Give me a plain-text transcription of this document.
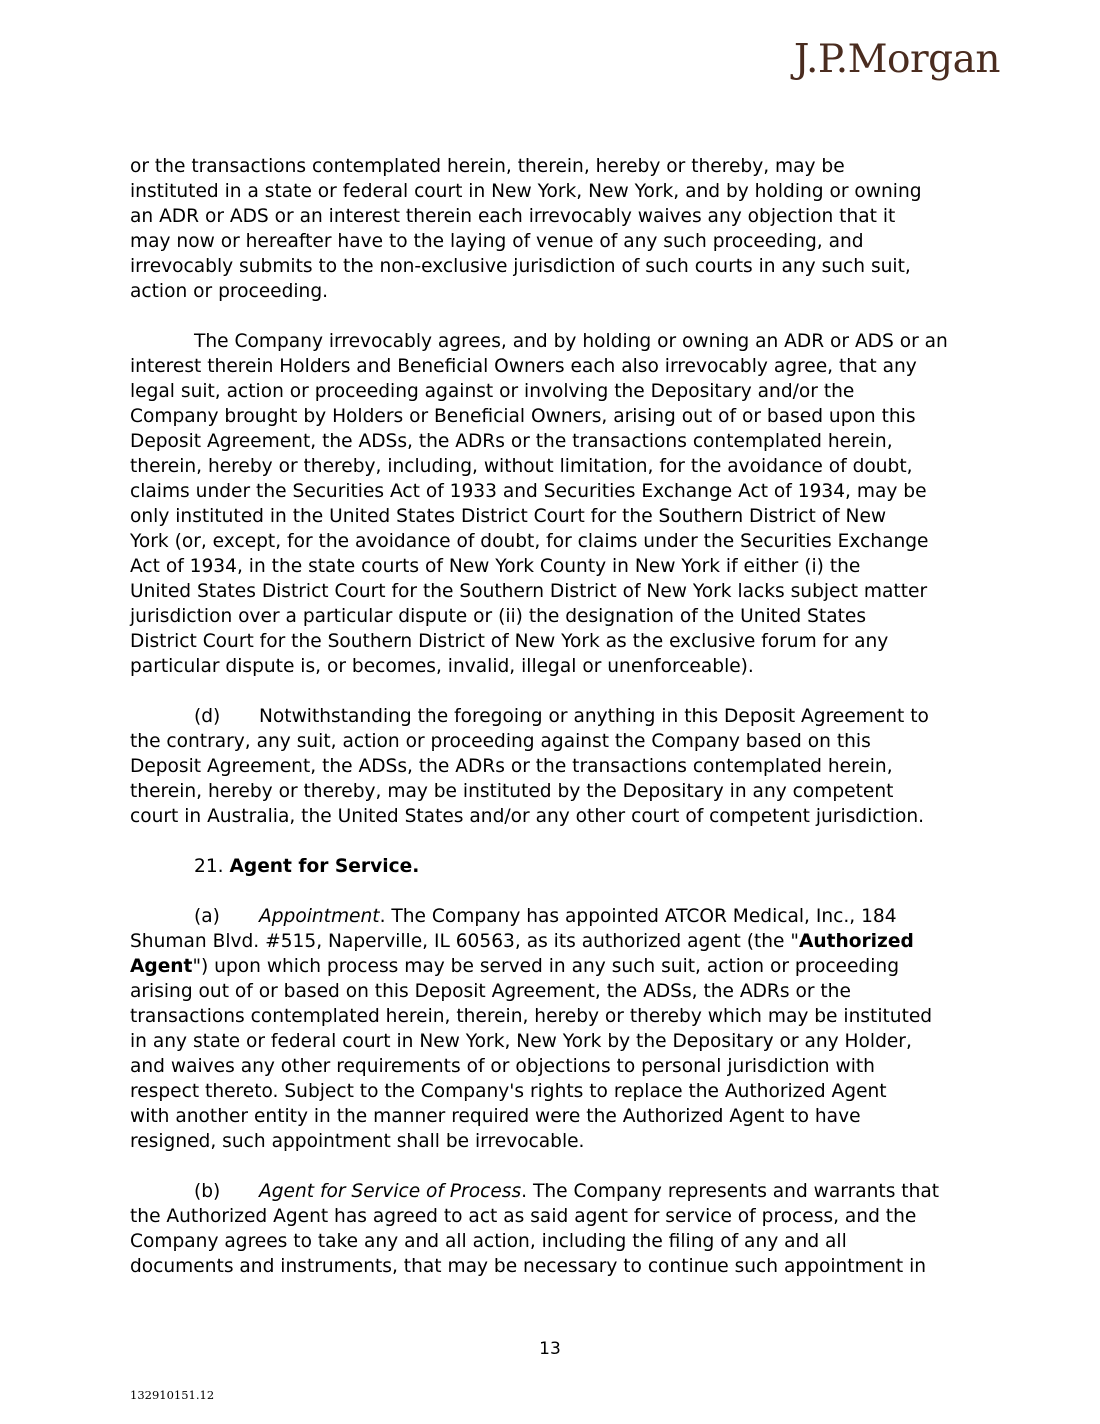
J.P.Morgan

or the transactions contemplated herein, therein, hereby or thereby, may be
instituted in a state or federal court in New York, New York, and by holding or owning
an ADR or ADS or an interest therein each irrevocably waives any objection that it
may now or hereafter have to the laying of venue of any such proceeding, and
irrevocably submits to the non-exclusive jurisdiction of such courts in any such suit,
action or proceeding.

The Company irrevocably agrees, and by holding or owning an ADR or ADS or an
interest therein Holders and Beneficial Owners each also irrevocably agree, that any
legal suit, action or proceeding against or involving the Depositary and/or the
Company brought by Holders or Beneficial Owners, arising out of or based upon this
Deposit Agreement, the ADSs, the ADRs or the transactions contemplated herein,
therein, hereby or thereby, including, without limitation, for the avoidance of doubt,
claims under the Securities Act of 1933 and Securities Exchange Act of 1934, may be
only instituted in the United States District Court for the Southern District of New
York (or, except, for the avoidance of doubt, for claims under the Securities Exchange
Act of 1934, in the state courts of New York County in New York if either (i) the
United States District Court for the Southern District of New York lacks subject matter
jurisdiction over a particular dispute or (ii) the designation of the United States
District Court for the Southern District of New York as the exclusive forum for any
particular dispute is, or becomes, invalid, illegal or unenforceable).

(d) Notwithstanding the foregoing or anything in this Deposit Agreement to
the contrary, any suit, action or proceeding against the Company based on this
Deposit Agreement, the ADSs, the ADRs or the transactions contemplated herein,
therein, hereby or thereby, may be instituted by the Depositary in any competent
court in Australia, the United States and/or any other court of competent jurisdiction.

21. Agent for Service.

(a) Appointment. The Company has appointed ATCOR Medical, Inc., 184
Shuman Blvd. #515, Naperville, IL 60563, as its authorized agent (the "Authorized
Agent") upon which process may be served in any such suit, action or proceeding
arising out of or based on this Deposit Agreement, the ADSs, the ADRs or the
transactions contemplated herein, therein, hereby or thereby which may be instituted
in any state or federal court in New York, New York by the Depositary or any Holder,
and waives any other requirements of or objections to personal jurisdiction with
respect thereto. Subject to the Company's rights to replace the Authorized Agent
with another entity in the manner required were the Authorized Agent to have
resigned, such appointment shall be irrevocable.

(b) Agent for Service of Process. The Company represents and warrants that
the Authorized Agent has agreed to act as said agent for service of process, and the
Company agrees to take any and all action, including the filing of any and all
documents and instruments, that may be necessary to continue such appointment in

13
132910151.12
